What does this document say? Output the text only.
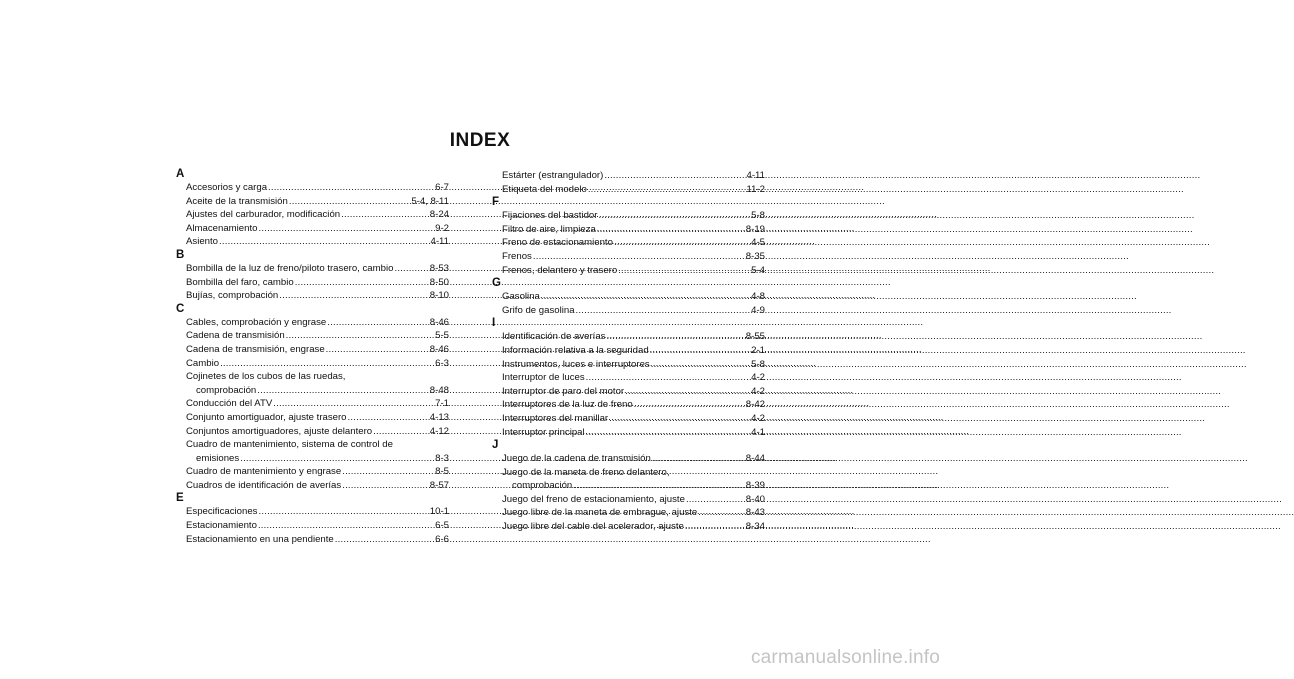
INDEX
A
Accesorios y carga .....	6-7
Aceite de la transmisión .....	5-4, 8-11
Ajustes del carburador, modificación .....	8-24
Almacenamiento .....	9-2
Asiento .....	4-11
B
Bombilla de la luz de freno/piloto trasero, cambio .....	8-53
Bombilla del faro, cambio .....	8-50
Bujías, comprobación .....	8-10
C
Cables, comprobación y engrase .....	8-46
Cadena de transmisión .....	5-5
Cadena de transmisión, engrase .....	8-46
Cambio .....	6-3
Cojinetes de los cubos de las ruedas,
comprobación .....	8-48
Conducción del ATV .....	7-1
Conjunto amortiguador, ajuste trasero .....	4-13
Conjuntos amortiguadores, ajuste delantero .....	4-12
Cuadro de mantenimiento, sistema de control de
emisiones .....	8-3
Cuadro de mantenimiento y engrase .....	8-5
Cuadros de identificación de averías .....	8-57
E
Especificaciones .....	10-1
Estacionamiento .....	6-5
Estacionamiento en una pendiente .....	6-6
Estárter (estrangulador) .....	4-11
Etiqueta del modelo .....	11-2
F
Fijaciones del bastidor .....	5-8
Filtro de aire, limpieza .....	8-19
Freno de estacionamiento .....	4-5
Frenos .....	8-35
Frenos, delantero y trasero .....	5-4
G
Gasolina .....	4-8
Grifo de gasolina .....	4-9
I
Identificación de averías .....	8-55
Información relativa a la seguridad .....	2-1
Instrumentos, luces e interruptores .....	5-8
Interruptor de luces .....	4-2
Interruptor de paro del motor .....	4-2
Interruptores de la luz de freno .....	8-42
Interruptores del manillar .....	4-2
Interruptor principal .....	4-1
J
Juego de la cadena de transmisión .....	8-44
Juego de la maneta de freno delantero,
comprobación .....	8-39
Juego del freno de estacionamiento, ajuste .....	8-40
Juego libre de la maneta de embrague, ajuste .....	8-43
Juego libre del cable del acelerador, ajuste .....	8-34
carmanualsonline.info
